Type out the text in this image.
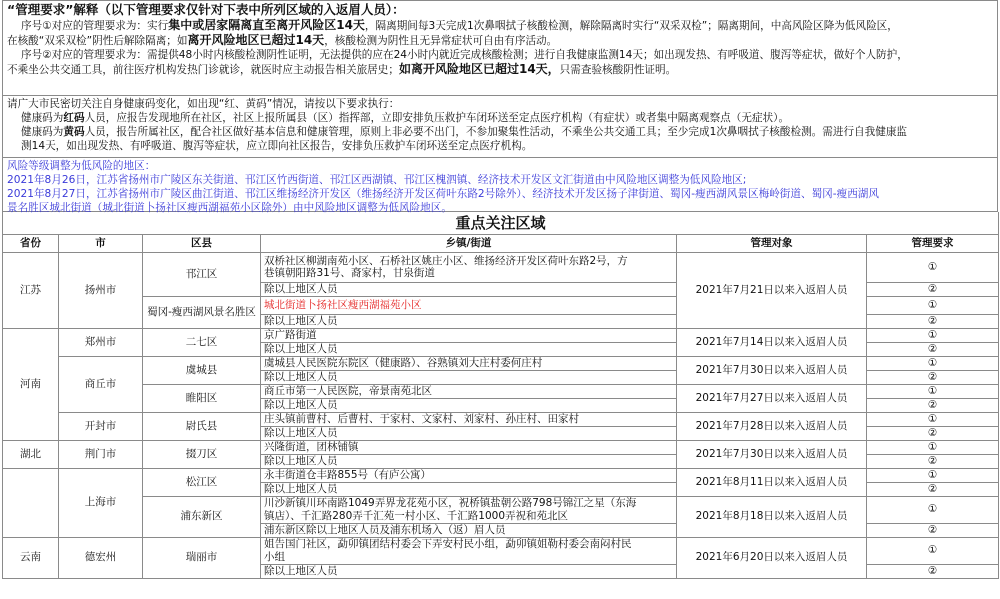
“管理要求”解释（以下管理要求仅针对下表中所列区域的入返眉人员）：
序号①对应的管理要求为：实行集中或居家隔离直至离开风险区14天，隔离期间每3天完成1次鼻咽拭子核酸检测，解除隔离时实行“双采双检”；隔离期间，中高风险区降为低风险区，
在核酸“双采双检”阴性后解除隔离；如离开风险地区已超过14天，核酸检测为阴性且无异常症状可自由有序活动。
序号②对应的管理要求为：需提供48小时内核酸检测阴性证明，无法提供的应在24小时内就近完成核酸检测；进行自我健康监测14天；如出现发热、有呼吸道、腹泻等症状，做好个人防护，
不乘坐公共交通工具，前往医疗机构发热门诊就诊，就医时应主动报告相关旅居史；如离开风险地区已超过14天，只需查验核酸阴性证明。
请广大市民密切关注自身健康码变化，如出现“红、黄码”情况，请按以下要求执行：
健康码为红码人员，应报告发现地所在社区，社区上报所属县（区）指挥部，立即安排负压救护车闭环送至定点医疗机构（有症状）或者集中隔离观察点（无症状）。
健康码为黄码人员，报告所属社区，配合社区做好基本信息和健康管理，原则上非必要不出门，不参加聚集性活动，不乘坐公共交通工具；至少完成1次鼻咽拭子核酸检测。需进行自我健康监
测14天，如出现发热、有呼吸道、腹泻等症状，应立即向社区报告，安排负压救护车闭环送至定点医疗机构。
风险等级调整为低风险的地区：
2021年8月26日，江苏省扬州市广陵区东关街道、邗江区竹西街道、邗江区西湖镇、邗江区槐泗镇、经济技术开发区文汇街道由中风险地区调整为低风险地区;
2021年8月27日，江苏省扬州市广陵区曲江街道、邗江区维扬经济开发区（维扬经济开发区荷叶东路2号除外）、经济技术开发区扬子津街道、蜀冈-瘦西湖风景区梅岭街道、蜀冈-瘦西湖风
景名胜区城北街道（城北街道卜扬社区瘦西湖福苑小区除外）由中风险地区调整为低风险地区。
重点关注区域					
省份	市	区县	乡镇/街道	管理对象	管理要求
江苏	扬州市	邗江区	双桥社区柳湖南苑小区、石桥社区姚庄小区、维扬经济开发区荷叶东路2号，方
巷镇朝阳路31号、裔家村，甘泉街道	2021年7月21日以来入返眉人员	①
			除以上地区人员		②
		蜀冈-瘦西湖风景名胜区	城北街道卜扬社区瘦西湖福苑小区		①
			除以上地区人员		②
河南	郑州市	二七区	京广路街道	2021年7月14日以来入返眉人员	①
			除以上地区人员		②
	商丘市	虞城县	虞城县人民医院东院区（健康路）、谷熟镇刘大庄村委何庄村	2021年7月30日以来入返眉人员	①
			除以上地区人员		②
		睢阳区	商丘市第一人民医院，帝景南苑北区	2021年7月27日以来入返眉人员	①
			除以上地区人员		②
	开封市	尉氏县	庄头镇前曹村、后曹村、于家村、文家村、刘家村、孙庄村、田家村	2021年7月28日以来入返眉人员	①
			除以上地区人员		②
湖北	荆门市	掇刀区	兴隆街道，团林铺镇	2021年7月30日以来入返眉人员	①
			除以上地区人员		②
	上海市	松江区	永丰街道仓丰路855号（有庐公寓）	2021年8月11日以来入返眉人员	①
			除以上地区人员		②
		浦东新区	川沙新镇川环南路1049弄界龙花苑小区，祝桥镇盐朝公路798号锦江之星（东海
镇店）、千汇路280弄千汇苑一村小区、千汇路1000弄祝和苑北区	2021年8月18日以来入返眉人员	①
			浦东新区除以上地区人员及浦东机场入（返）眉人员		②
云南	德宏州	瑞丽市	姐告国门社区，勐卯镇团结村委会下弄安村民小组，勐卯镇姐勒村委会南闷村民
小组	2021年6月20日以来入返眉人员	①
			除以上地区人员		②
